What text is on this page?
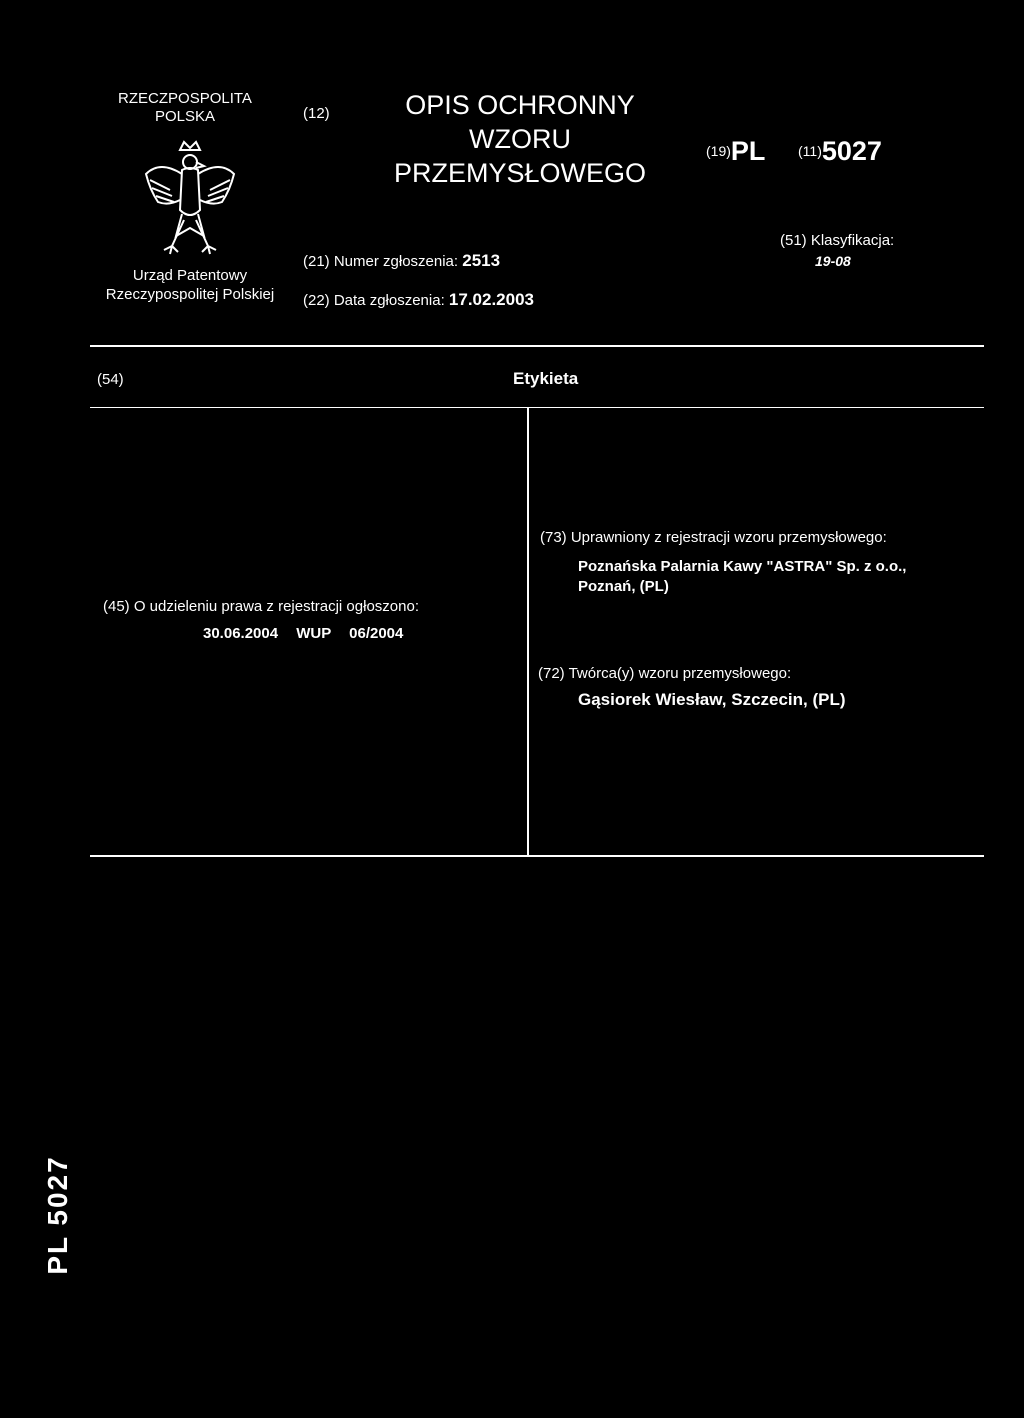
RZECZPOSPOLITA
POLSKA
Urząd Patentowy
Rzeczypospolitej Polskiej
(12)	OPIS OCHRONNY
WZORU
PRZEMYSŁOWEGO
(21) Numer zgłoszenia: 2513
(22) Data zgłoszenia: 17.02.2003
(19)PL (11)5027
(51) Klasyfikacja:
19-08
(54)	Etykieta
(45) O udzieleniu prawa z rejestracji ogłoszono:
30.06.2004 WUP 06/2004
(73) Uprawniony z rejestracji wzoru przemysłowego:
Poznańska Palarnia Kawy "ASTRA" Sp. z o.o.,
Poznań, (PL)
(72) Twórca(y) wzoru przemysłowego:
Gąsiorek Wiesław, Szczecin, (PL)
PL 5027
